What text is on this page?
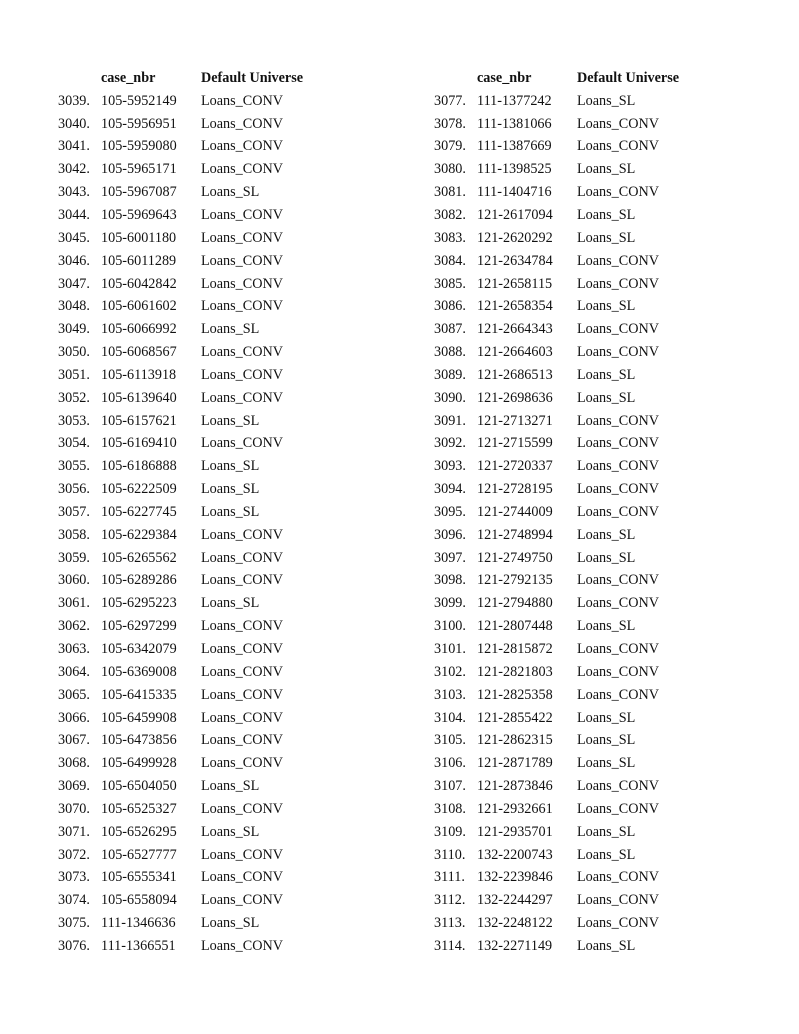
case_nbr	Default Universe
3039. 105-5952149	Loans_CONV
3040. 105-5956951	Loans_CONV
3041. 105-5959080	Loans_CONV
3042. 105-5965171	Loans_CONV
3043. 105-5967087	Loans_SL
3044. 105-5969643	Loans_CONV
3045. 105-6001180	Loans_CONV
3046. 105-6011289	Loans_CONV
3047. 105-6042842	Loans_CONV
3048. 105-6061602	Loans_CONV
3049. 105-6066992	Loans_SL
3050. 105-6068567	Loans_CONV
3051. 105-6113918	Loans_CONV
3052. 105-6139640	Loans_CONV
3053. 105-6157621	Loans_SL
3054. 105-6169410	Loans_CONV
3055. 105-6186888	Loans_SL
3056. 105-6222509	Loans_SL
3057. 105-6227745	Loans_SL
3058. 105-6229384	Loans_CONV
3059. 105-6265562	Loans_CONV
3060. 105-6289286	Loans_CONV
3061. 105-6295223	Loans_SL
3062. 105-6297299	Loans_CONV
3063. 105-6342079	Loans_CONV
3064. 105-6369008	Loans_CONV
3065. 105-6415335	Loans_CONV
3066. 105-6459908	Loans_CONV
3067. 105-6473856	Loans_CONV
3068. 105-6499928	Loans_CONV
3069. 105-6504050	Loans_SL
3070. 105-6525327	Loans_CONV
3071. 105-6526295	Loans_SL
3072. 105-6527777	Loans_CONV
3073. 105-6555341	Loans_CONV
3074. 105-6558094	Loans_CONV
3075. 111-1346636	Loans_SL
3076. 111-1366551	Loans_CONV
case_nbr	Default Universe
3077. 111-1377242	Loans_SL
3078. 111-1381066	Loans_CONV
3079. 111-1387669	Loans_CONV
3080. 111-1398525	Loans_SL
3081. 111-1404716	Loans_CONV
3082. 121-2617094	Loans_SL
3083. 121-2620292	Loans_SL
3084. 121-2634784	Loans_CONV
3085. 121-2658115	Loans_CONV
3086. 121-2658354	Loans_SL
3087. 121-2664343	Loans_CONV
3088. 121-2664603	Loans_CONV
3089. 121-2686513	Loans_SL
3090. 121-2698636	Loans_SL
3091. 121-2713271	Loans_CONV
3092. 121-2715599	Loans_CONV
3093. 121-2720337	Loans_CONV
3094. 121-2728195	Loans_CONV
3095. 121-2744009	Loans_CONV
3096. 121-2748994	Loans_SL
3097. 121-2749750	Loans_SL
3098. 121-2792135	Loans_CONV
3099. 121-2794880	Loans_CONV
3100. 121-2807448	Loans_SL
3101. 121-2815872	Loans_CONV
3102. 121-2821803	Loans_CONV
3103. 121-2825358	Loans_CONV
3104. 121-2855422	Loans_SL
3105. 121-2862315	Loans_SL
3106. 121-2871789	Loans_SL
3107. 121-2873846	Loans_CONV
3108. 121-2932661	Loans_CONV
3109. 121-2935701	Loans_SL
3110. 132-2200743	Loans_SL
3111. 132-2239846	Loans_CONV
3112. 132-2244297	Loans_CONV
3113. 132-2248122	Loans_CONV
3114. 132-2271149	Loans_SL
